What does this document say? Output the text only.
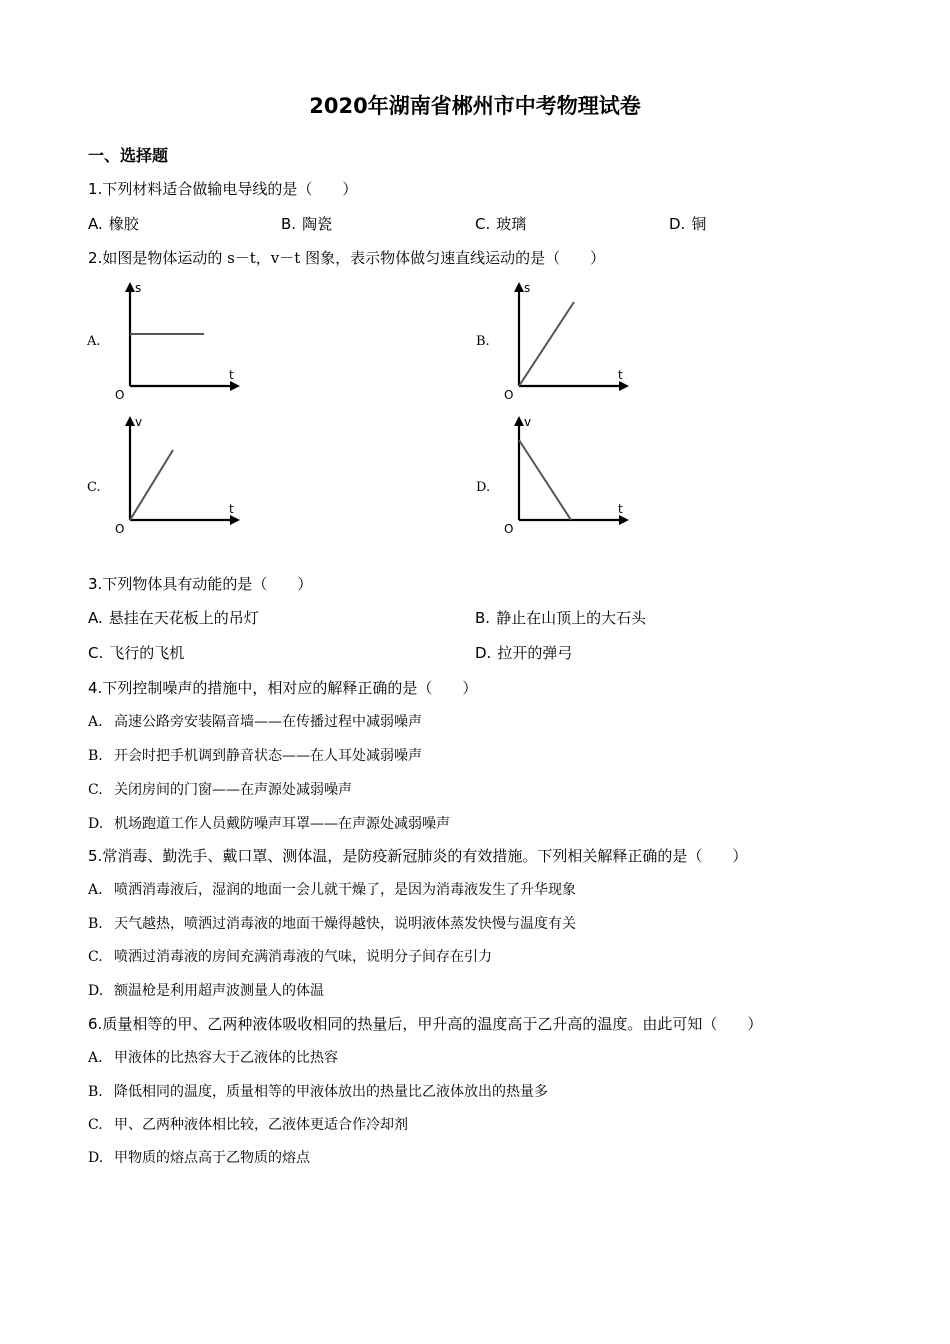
2020年湖南省郴州市中考物理试卷
一、选择题
1.下列材料适合做输电导线的是（　　）
A. 橡胶	B. 陶瓷	C. 玻璃	D. 铜
2.如图是物体运动的 s－t，v－t 图象，表示物体做匀速直线运动的是（　　）
A.
s
t
O
B.
s
t
O
C.
v
t
O
D.
v
t
O
3.下列物体具有动能的是（　　）
A. 悬挂在天花板上的吊灯	B. 静止在山顶上的大石头
C. 飞行的飞机	D. 拉开的弹弓
4.下列控制噪声的措施中，相对应的解释正确的是（　　）
A. 高速公路旁安装隔音墙——在传播过程中减弱噪声
B. 开会时把手机调到静音状态——在人耳处减弱噪声
C. 关闭房间的门窗——在声源处减弱噪声
D. 机场跑道工作人员戴防噪声耳罩——在声源处减弱噪声
5.常消毒、勤洗手、戴口罩、测体温，是防疫新冠肺炎的有效措施。下列相关解释正确的是（　　）
A. 喷洒消毒液后，湿润的地面一会儿就干燥了，是因为消毒液发生了升华现象
B. 天气越热，喷洒过消毒液的地面干燥得越快，说明液体蒸发快慢与温度有关
C. 喷洒过消毒液的房间充满消毒液的气味，说明分子间存在引力
D. 额温枪是利用超声波测量人的体温
6.质量相等的甲、乙两种液体吸收相同的热量后，甲升高的温度高于乙升高的温度。由此可知（　　）
A. 甲液体的比热容大于乙液体的比热容
B. 降低相同的温度，质量相等的甲液体放出的热量比乙液体放出的热量多
C. 甲、乙两种液体相比较，乙液体更适合作冷却剂
D. 甲物质的熔点高于乙物质的熔点
